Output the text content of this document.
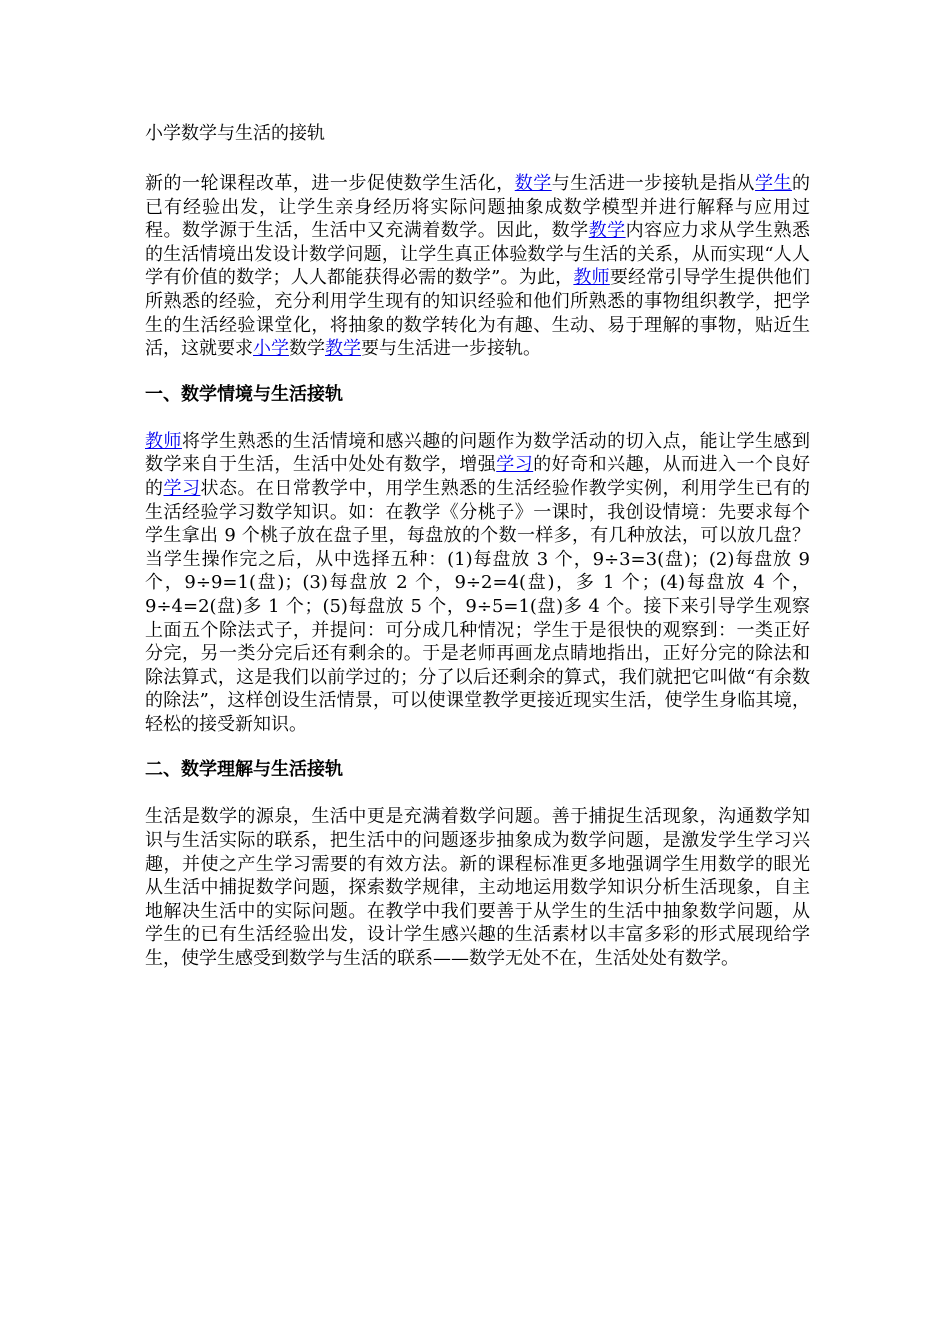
小学数学与生活的接轨

新的一轮课程改革，进一步促使数学生活化，数学与生活进一步接轨是指从学生的已有经验出发，让学生亲身经历将实际问题抽象成数学模型并进行解释与应用过程。数学源于生活，生活中又充满着数学。因此，数学教学内容应力求从学生熟悉的生活情境出发设计数学问题，让学生真正体验数学与生活的关系，从而实现“人人学有价值的数学；人人都能获得必需的数学”。为此，教师要经常引导学生提供他们所熟悉的经验，充分利用学生现有的知识经验和他们所熟悉的事物组织教学，把学生的生活经验课堂化，将抽象的数学转化为有趣、生动、易于理解的事物，贴近生活，这就要求小学数学教学要与生活进一步接轨。

一、数学情境与生活接轨

教师将学生熟悉的生活情境和感兴趣的问题作为数学活动的切入点，能让学生感到数学来自于生活，生活中处处有数学，增强学习的好奇和兴趣，从而进入一个良好的学习状态。在日常教学中，用学生熟悉的生活经验作教学实例，利用学生已有的生活经验学习数学知识。如：在教学《分桃子》一课时，我创设情境：先要求每个学生拿出 9 个桃子放在盘子里，每盘放的个数一样多，有几种放法，可以放几盘？当学生操作完之后，从中选择五种：(1)每盘放 3 个，9÷3=3(盘)；(2)每盘放 9 个，9÷9=1(盘)；(3)每盘放 2 个，9÷2=4(盘)，多 1 个；(4)每盘放 4 个，9÷4=2(盘)多 1 个；(5)每盘放 5 个，9÷5=1(盘)多 4 个。接下来引导学生观察上面五个除法式子，并提问：可分成几种情况；学生于是很快的观察到：一类正好分完，另一类分完后还有剩余的。于是老师再画龙点睛地指出，正好分完的除法和除法算式，这是我们以前学过的；分了以后还剩余的算式，我们就把它叫做“有余数的除法”，这样创设生活情景，可以使课堂教学更接近现实生活，使学生身临其境，轻松的接受新知识。

二、数学理解与生活接轨

生活是数学的源泉，生活中更是充满着数学问题。善于捕捉生活现象，沟通数学知识与生活实际的联系，把生活中的问题逐步抽象成为数学问题，是激发学生学习兴趣，并使之产生学习需要的有效方法。新的课程标准更多地强调学生用数学的眼光从生活中捕捉数学问题，探索数学规律，主动地运用数学知识分析生活现象，自主地解决生活中的实际问题。在教学中我们要善于从学生的生活中抽象数学问题，从学生的已有生活经验出发，设计学生感兴趣的生活素材以丰富多彩的形式展现给学生，使学生感受到数学与生活的联系——数学无处不在，生活处处有数学。
